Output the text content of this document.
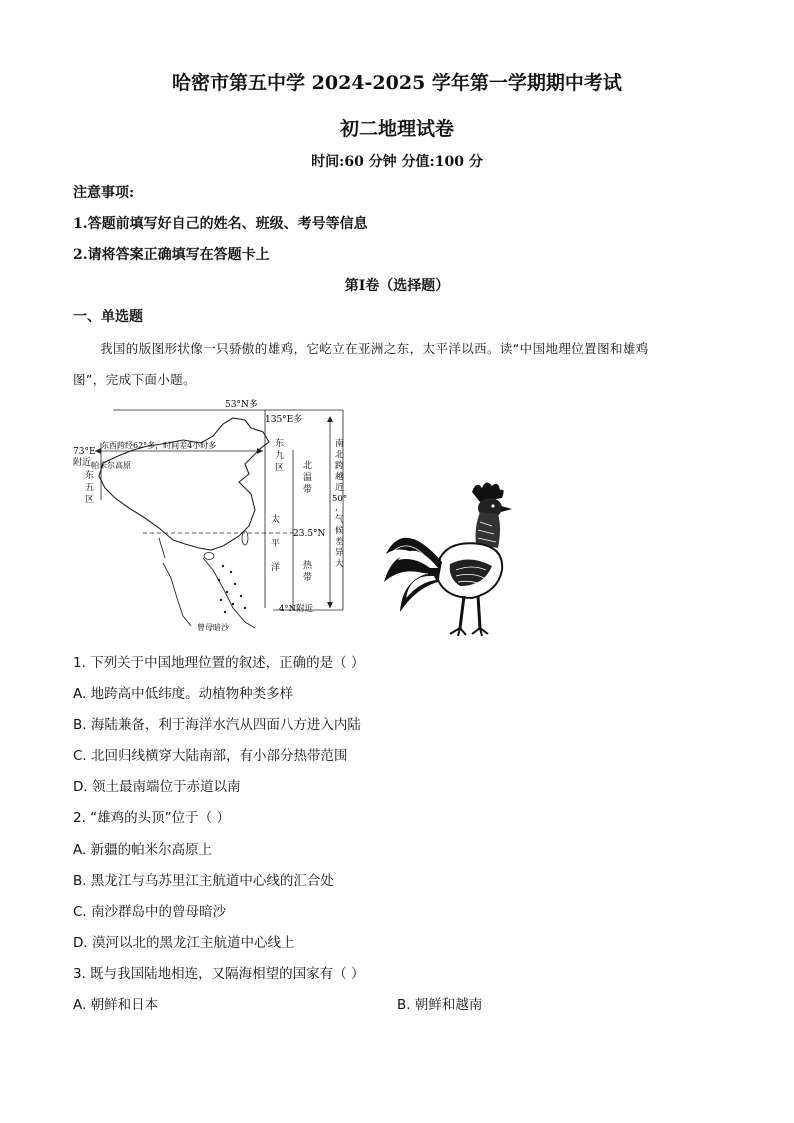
哈密市第五中学 2024-2025 学年第一学期期中考试
初二地理试卷
时间:60 分钟 分值:100 分
注意事项:
1.答题前填写好自己的姓名、班级、考号等信息
2.请将答案正确填写在答题卡上
第Ⅰ卷（选择题）
一、单选题
我国的版图形状像一只骄傲的雄鸡，它屹立在亚洲之东，太平洋以西。读“中国地理位置图和雄鸡
图”，完成下面小题。
53°N多
135°E多
73°E
附近
东西跨经62°多，时间差4小时多
帕米尔高原
东
九
区
东
五
区
太
平
洋
北
温
带
23.5°N
热
带
4°N附近
曾母暗沙
南
北
跨
越
近
50°
，
气
候
差
异
大
1. 下列关于中国地理位置的叙述，正确的是（ ）
A. 地跨高中低纬度。动植物种类多样
B. 海陆兼备，利于海洋水汽从四面八方进入内陆
C. 北回归线横穿大陆南部，有小部分热带范围
D. 领土最南端位于赤道以南
2. “雄鸡的头顶”位于（ ）
A. 新疆的帕米尔高原上
B. 黑龙江与乌苏里江主航道中心线的汇合处
C. 南沙群岛中的曾母暗沙
D. 漠河以北的黑龙江主航道中心线上
3. 既与我国陆地相连，又隔海相望的国家有（ ）
A. 朝鲜和日本	B. 朝鲜和越南
